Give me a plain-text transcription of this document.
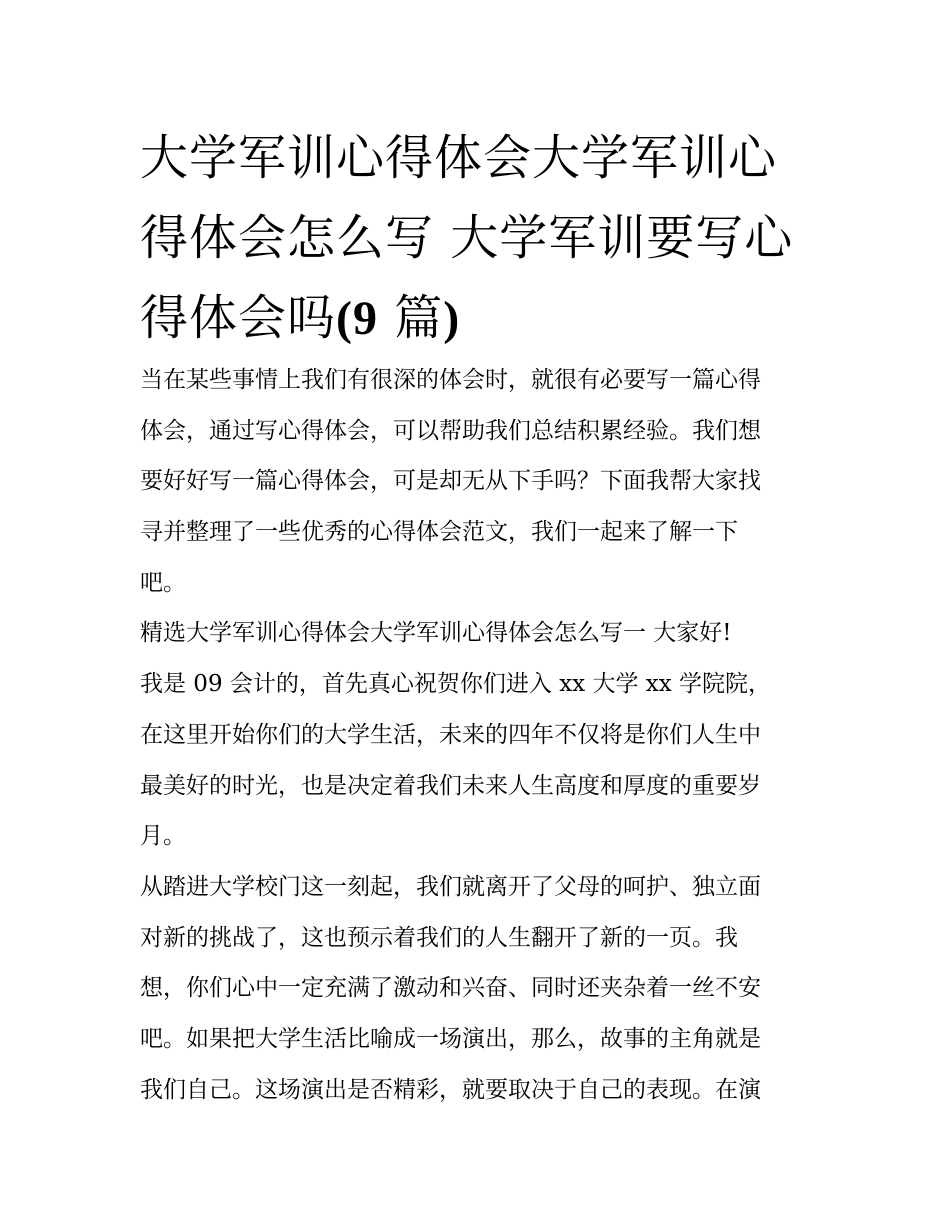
大学军训心得体会大学军训心
得体会怎么写 大学军训要写心
得体会吗(9 篇)
当在某些事情上我们有很深的体会时，就很有必要写一篇心得
体会，通过写心得体会，可以帮助我们总结积累经验。我们想
要好好写一篇心得体会，可是却无从下手吗？下面我帮大家找
寻并整理了一些优秀的心得体会范文，我们一起来了解一下
吧。
精选大学军训心得体会大学军训心得体会怎么写一 大家好!
我是 09 会计的，首先真心祝贺你们进入 xx 大学 xx 学院院，
在这里开始你们的大学生活，未来的四年不仅将是你们人生中
最美好的时光，也是决定着我们未来人生高度和厚度的重要岁
月。
从踏进大学校门这一刻起，我们就离开了父母的呵护、独立面
对新的挑战了，这也预示着我们的人生翻开了新的一页。我
想，你们心中一定充满了激动和兴奋、同时还夹杂着一丝不安
吧。如果把大学生活比喻成一场演出，那么，故事的主角就是
我们自己。这场演出是否精彩，就要取决于自己的表现。在演
